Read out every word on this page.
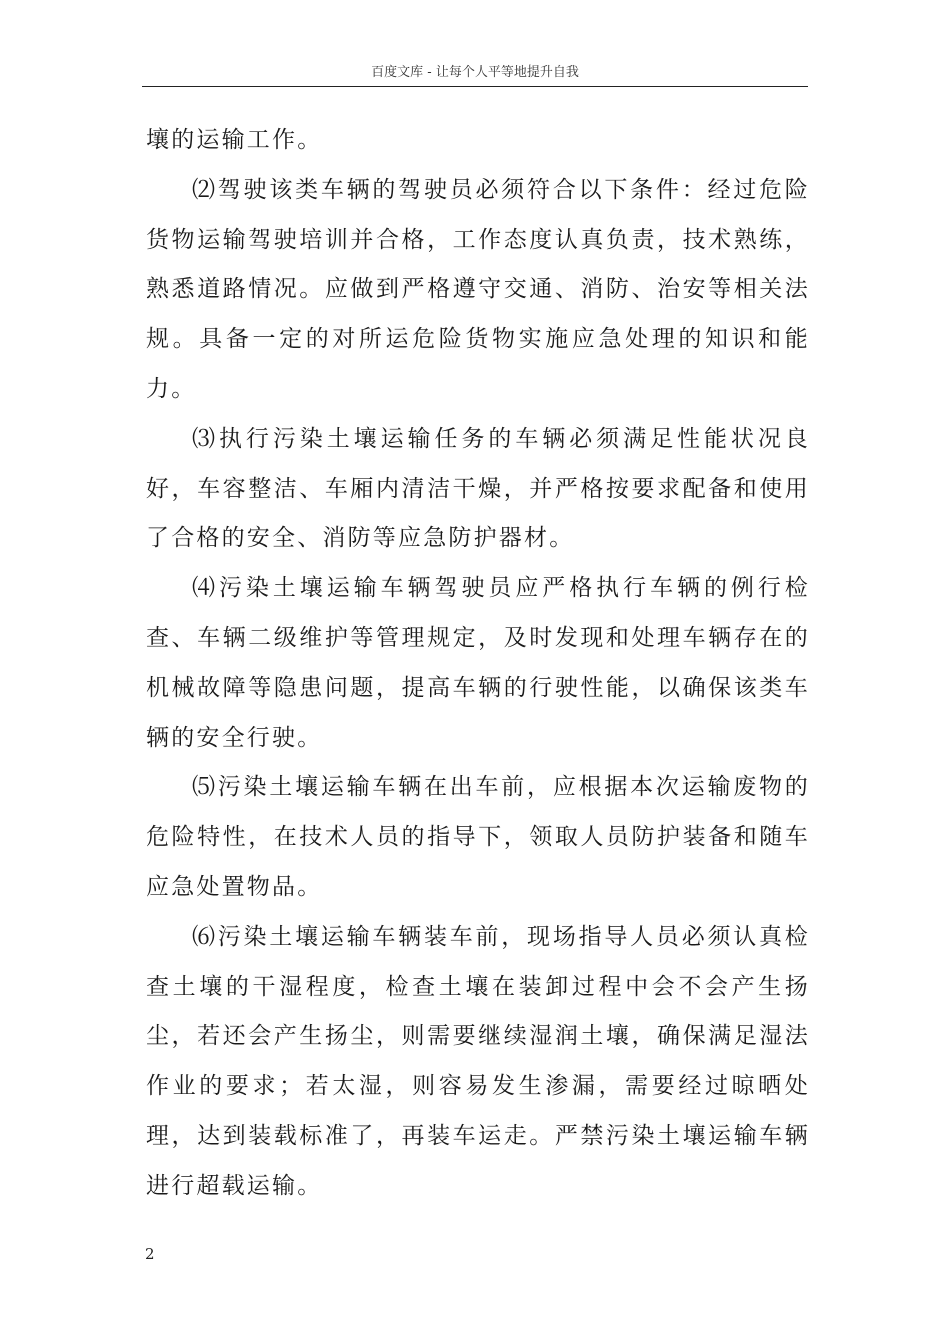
百度文库 - 让每个人平等地提升自我

壤的运输工作。

⑵驾驶该类车辆的驾驶员必须符合以下条件：经过危险货物运输驾驶培训并合格，工作态度认真负责，技术熟练，熟悉道路情况。应做到严格遵守交通、消防、治安等相关法规。具备一定的对所运危险货物实施应急处理的知识和能力。

⑶执行污染土壤运输任务的车辆必须满足性能状况良好，车容整洁、车厢内清洁干燥，并严格按要求配备和使用了合格的安全、消防等应急防护器材。

⑷污染土壤运输车辆驾驶员应严格执行车辆的例行检查、车辆二级维护等管理规定，及时发现和处理车辆存在的机械故障等隐患问题，提高车辆的行驶性能，以确保该类车辆的安全行驶。

⑸污染土壤运输车辆在出车前，应根据本次运输废物的危险特性，在技术人员的指导下，领取人员防护装备和随车应急处置物品。

⑹污染土壤运输车辆装车前，现场指导人员必须认真检查土壤的干湿程度，检查土壤在装卸过程中会不会产生扬尘，若还会产生扬尘，则需要继续湿润土壤，确保满足湿法作业的要求；若太湿，则容易发生渗漏，需要经过晾晒处理，达到装载标准了，再装车运走。严禁污染土壤运输车辆进行超载运输。

2
